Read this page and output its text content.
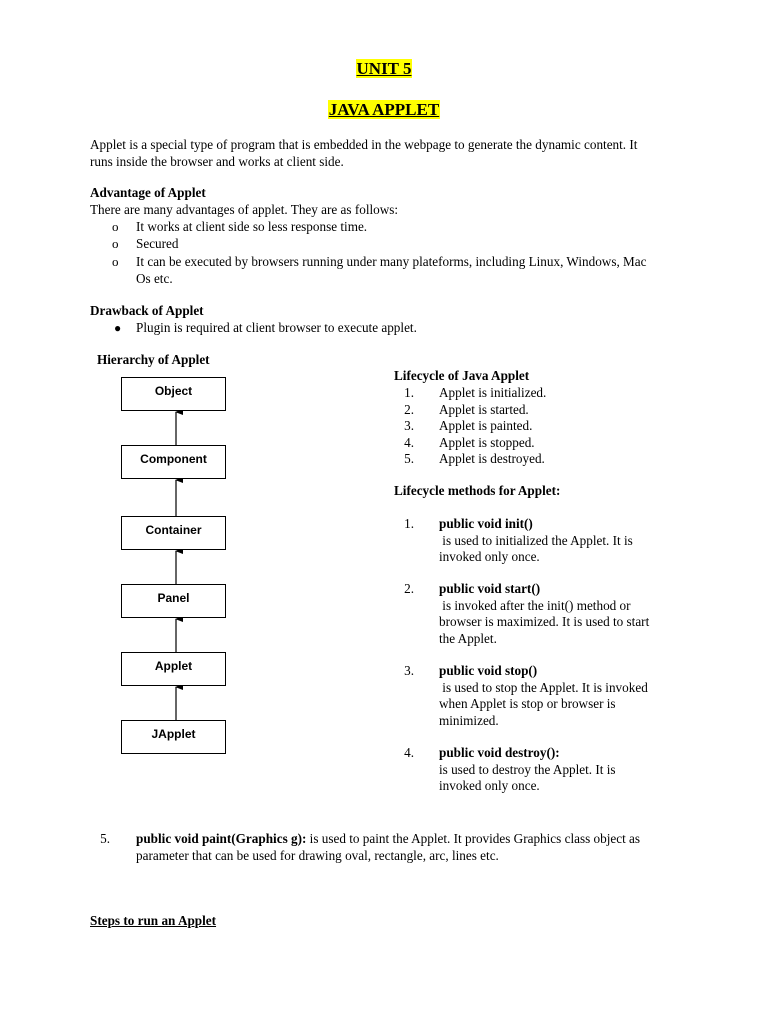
UNIT 5
JAVA APPLET
Applet is a special type of program that is embedded in the webpage to generate the dynamic content. It
runs inside the browser and works at client side.
Advantage of Applet
There are many advantages of applet. They are as follows:
o It works at client side so less response time.
o Secured
o It can be executed by browsers running under many plateforms, including Linux, Windows, Mac
Os etc.
Drawback of Applet
● Plugin is required at client browser to execute applet.
Hierarchy of Applet
Object
Component
Container
Panel
Applet
JApplet
Lifecycle of Java Applet
1. Applet is initialized.
2. Applet is started.
3. Applet is painted.
4. Applet is stopped.
5. Applet is destroyed.
Lifecycle methods for Applet:
1. public void init()
is used to initialized the Applet. It is
invoked only once.
2. public void start()
is invoked after the init() method or
browser is maximized. It is used to start
the Applet.
3. public void stop()
is used to stop the Applet. It is invoked
when Applet is stop or browser is
minimized.
4. public void destroy():
is used to destroy the Applet. It is
invoked only once.
5. public void paint(Graphics g): is used to paint the Applet. It provides Graphics class object as
parameter that can be used for drawing oval, rectangle, arc, lines etc.
Steps to run an Applet
